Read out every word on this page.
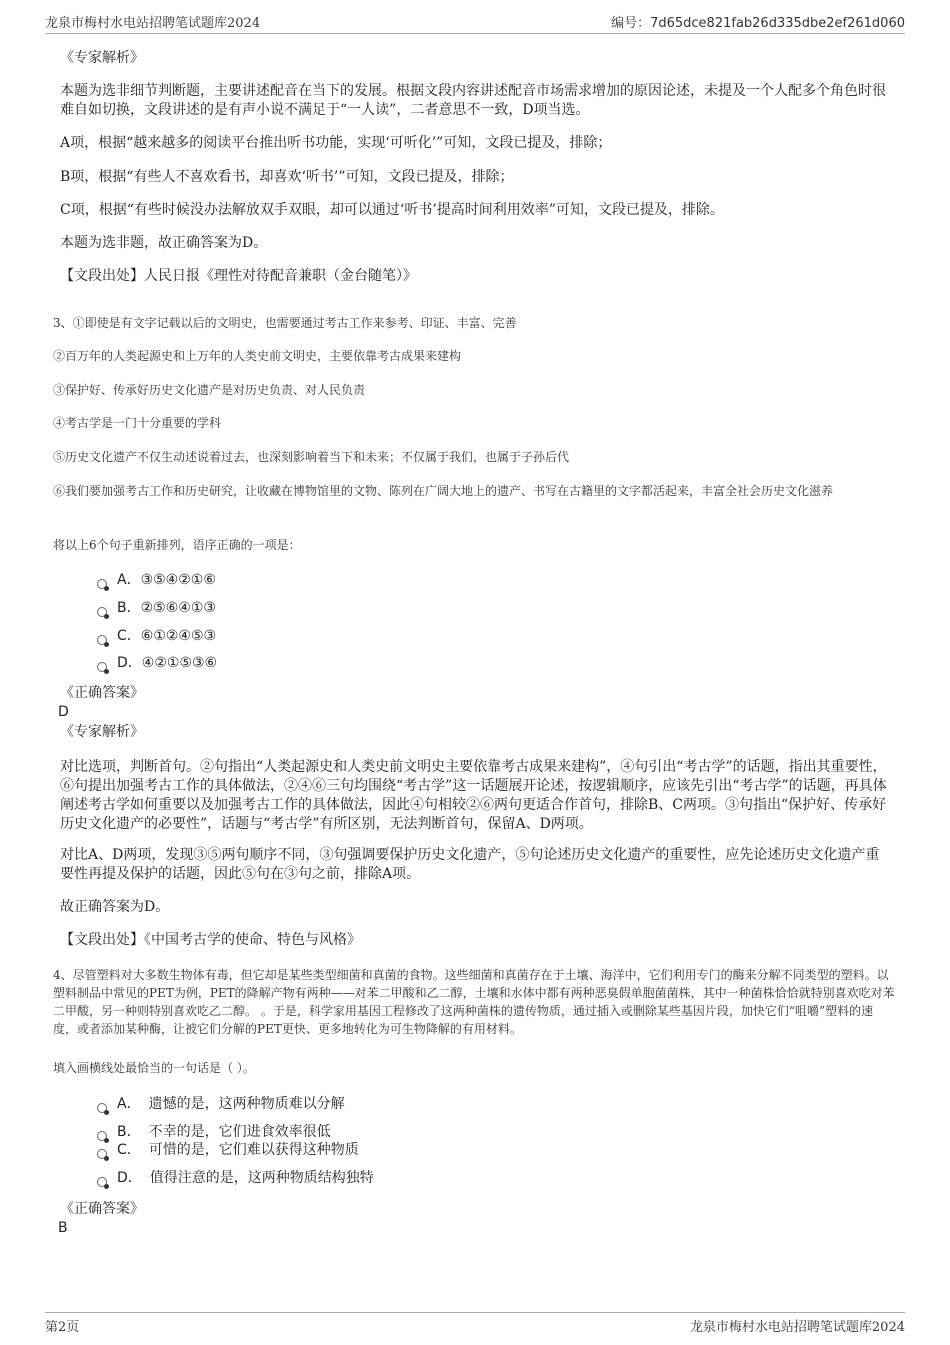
龙泉市梅村水电站招聘笔试题库2024	编号：7d65dce821fab26d335dbe2ef261d060
《专家解析》
本题为选非细节判断题，主要讲述配音在当下的发展。根据文段内容讲述配音市场需求增加的原因论述，未提及一个人配多个角色时很难自如切换，文段讲述的是有声小说不满足于“一人读”，二者意思不一致，D项当选。
A项，根据“越来越多的阅读平台推出听书功能，实现‘可听化’”可知，文段已提及，排除；
B项，根据“有些人不喜欢看书，却喜欢‘听书’”可知，文段已提及，排除；
C项，根据“有些时候没办法解放双手双眼，却可以通过‘听书’提高时间利用效率”可知，文段已提及，排除。
本题为选非题，故正确答案为D。
【文段出处】人民日报《理性对待配音兼职（金台随笔）》
3、①即使是有文字记载以后的文明史，也需要通过考古工作来参考、印证、丰富、完善
②百万年的人类起源史和上万年的人类史前文明史，主要依靠考古成果来建构
③保护好、传承好历史文化遗产是对历史负责、对人民负责
④考古学是一门十分重要的学科
⑤历史文化遗产不仅生动述说着过去，也深刻影响着当下和未来；不仅属于我们，也属于子孙后代
⑥我们要加强考古工作和历史研究，让收藏在博物馆里的文物、陈列在广阔大地上的遗产、书写在古籍里的文字都活起来，丰富全社会历史文化滋养
将以上6个句子重新排列，语序正确的一项是：
A． ③⑤④②①⑥
B． ②⑤⑥④①③
C． ⑥①②④⑤③
D． ④②①⑤③⑥
《正确答案》
D
《专家解析》
对比选项，判断首句。②句指出“人类起源史和人类史前文明史主要依靠考古成果来建构”，④句引出“考古学”的话题，指出其重要性，⑥句提出加强考古工作的具体做法，②④⑥三句均围绕“考古学”这一话题展开论述，按逻辑顺序，应该先引出“考古学”的话题，再具体阐述考古学如何重要以及加强考古工作的具体做法，因此④句相较②⑥两句更适合作首句，排除B、C两项。③句指出“保护好、传承好历史文化遗产的必要性”，话题与“考古学”有所区别，无法判断首句，保留A、D两项。
对比A、D两项，发现③⑤两句顺序不同，③句强调要保护历史文化遗产，⑤句论述历史文化遗产的重要性，应先论述历史文化遗产重要性再提及保护的话题，因此⑤句在③句之前，排除A项。
故正确答案为D。
【文段出处】《中国考古学的使命、特色与风格》
4、尽管塑料对大多数生物体有毒，但它却是某些类型细菌和真菌的食物。这些细菌和真菌存在于土壤、海洋中，它们利用专门的酶来分解不同类型的塑料。以塑料制品中常见的PET为例，PET的降解产物有两种——对苯二甲酸和乙二醇，土壤和水体中都有两种恶臭假单胞菌菌株，其中一种菌株恰恰就特别喜欢吃对苯二甲酸，另一种则特别喜欢吃乙二醇。 。于是，科学家用基因工程修改了这两种菌株的遗传物质，通过插入或删除某些基因片段，加快它们“咀嚼”塑料的速度，或者添加某种酶，让被它们分解的PET更快、更多地转化为可生物降解的有用材料。
填入画横线处最恰当的一句话是（ ）。
A． 遗憾的是，这两种物质难以分解
B． 不幸的是，它们进食效率很低
C． 可惜的是，它们难以获得这种物质
D． 值得注意的是，这两种物质结构独特
《正确答案》
B
第2页	龙泉市梅村水电站招聘笔试题库2024
